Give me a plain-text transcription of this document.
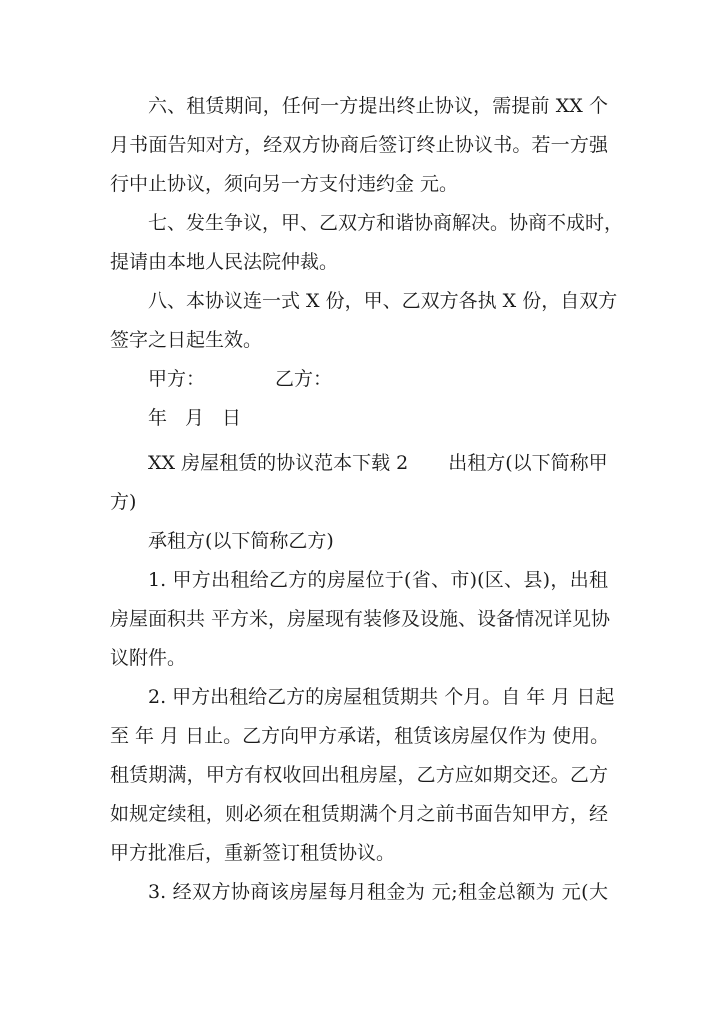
六、租赁期间，任何一方提出终止协议，需提前 XX 个
月书面告知对方，经双方协商后签订终止协议书。若一方强
行中止协议，须向另一方支付违约金 元。
七、发生争议，甲、乙双方和谐协商解决。协商不成时，
提请由本地人民法院仲裁。
八、本协议连一式 X 份，甲、乙双方各执 X 份，自双方
签字之日起生效。
甲方：	乙方：
年 月 日
XX 房屋租赁的协议范本下载 2 出租方(以下简称甲
方)
承租方(以下简称乙方)
1. 甲方出租给乙方的房屋位于(省、市)(区、县)，出租
房屋面积共 平方米，房屋现有装修及设施、设备情况详见协
议附件。
2. 甲方出租给乙方的房屋租赁期共 个月。自 年 月 日起
至 年 月 日止。乙方向甲方承诺，租赁该房屋仅作为 使用。
租赁期满，甲方有权收回出租房屋，乙方应如期交还。乙方
如规定续租，则必须在租赁期满个月之前书面告知甲方，经
甲方批准后，重新签订租赁协议。
3. 经双方协商该房屋每月租金为 元;租金总额为 元(大
